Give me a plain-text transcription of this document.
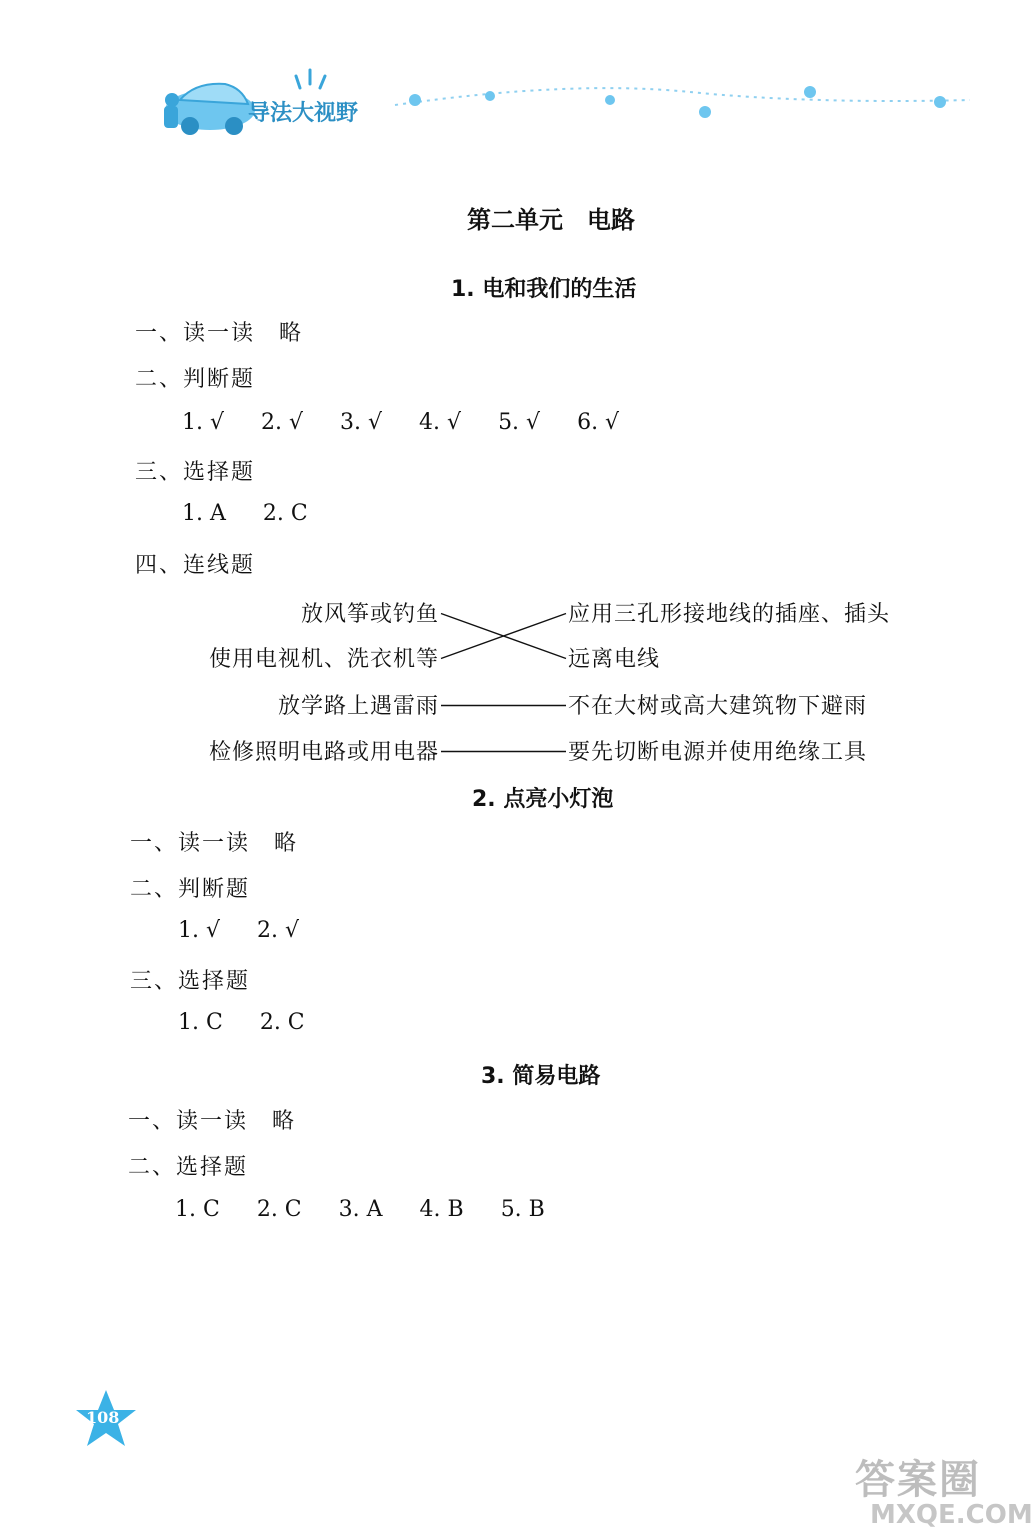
导法大视野
第二单元　电路
1. 电和我们的生活
一、读一读　略
二、判断题
1. √ 2. √ 3. √ 4. √ 5. √ 6. √
三、选择题
1. A 2. C
四、连线题
放风筝或钓鱼
使用电视机、洗衣机等
放学路上遇雷雨
检修照明电路或用电器
应用三孔形接地线的插座、插头
远离电线
不在大树或高大建筑物下避雨
要先切断电源并使用绝缘工具
2. 点亮小灯泡
一、读一读　略
二、判断题
1. √ 2. √
三、选择题
1. C 2. C
3. 简易电路
一、读一读　略
二、选择题
1. C 2. C 3. A 4. B 5. B
108
答案圈
MXQE.COM
